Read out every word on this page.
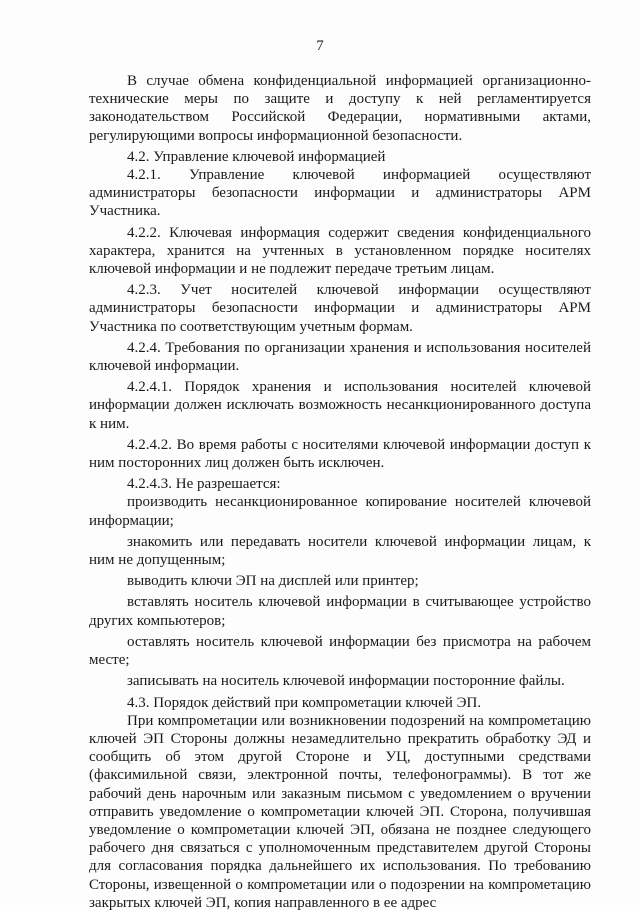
7

В случае обмена конфиденциальной информацией организационно-технические меры по защите и доступу к ней регламентируется законодательством Российской Федерации, нормативными актами, регулирующими вопросы информационной безопасности.

4.2. Управление ключевой информацией

4.2.1. Управление ключевой информацией осуществляют администраторы безопасности информации и администраторы АРМ Участника.

4.2.2. Ключевая информация содержит сведения конфиденциального характера, хранится на учтенных в установленном порядке носителях ключевой информации и не подлежит передаче третьим лицам.

4.2.3. Учет носителей ключевой информации осуществляют администраторы безопасности информации и администраторы АРМ Участника по соответствующим учетным формам.

4.2.4. Требования по организации хранения и использования носителей ключевой информации.

4.2.4.1. Порядок хранения и использования носителей ключевой информации должен исключать возможность несанкционированного доступа к ним.

4.2.4.2. Во время работы с носителями ключевой информации доступ к ним посторонних лиц должен быть исключен.

4.2.4.3. Не разрешается:

производить несанкционированное копирование носителей ключевой информации;

знакомить или передавать носители ключевой информации лицам, к ним не допущенным;

выводить ключи ЭП на дисплей или принтер;

вставлять носитель ключевой информации в считывающее устройство других компьютеров;

оставлять носитель ключевой информации без присмотра на рабочем месте;

записывать на носитель ключевой информации посторонние файлы.

4.3. Порядок действий при компрометации ключей ЭП.

При компрометации или возникновении подозрений на компрометацию ключей ЭП Стороны должны незамедлительно прекратить обработку ЭД и сообщить об этом другой Стороне и УЦ, доступными средствами (факсимильной связи, электронной почты, телефонограммы). В тот же рабочий день нарочным или заказным письмом с уведомлением о вручении отправить уведомление о компрометации ключей ЭП. Сторона, получившая уведомление о компрометации ключей ЭП, обязана не позднее следующего рабочего дня связаться с уполномоченным представителем другой Стороны для согласования порядка дальнейшего их использования. По требованию Стороны, извещенной о компрометации или о подозрении на компрометацию закрытых ключей ЭП, копия направленного в ее адрес
